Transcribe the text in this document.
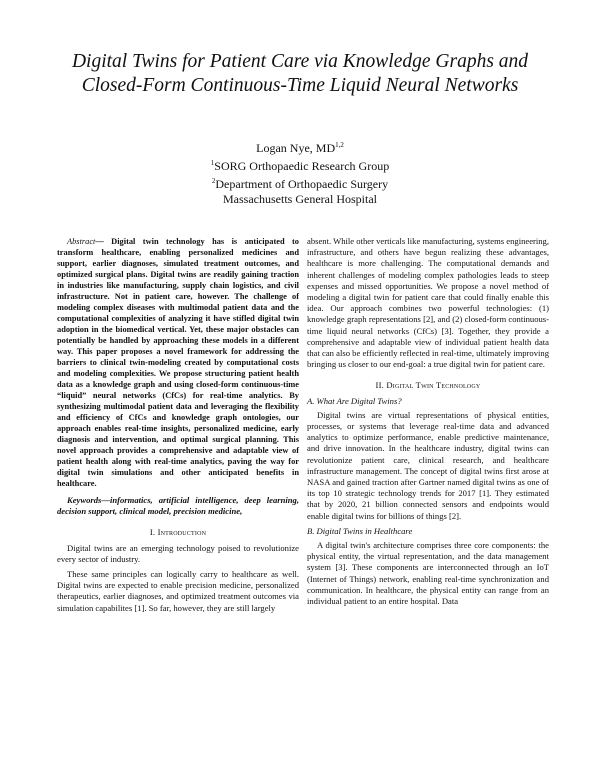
Digital Twins for Patient Care via Knowledge Graphs and
Closed-Form Continuous-Time Liquid Neural Networks
Logan Nye, MD$^{1,2}$
$^1$SORG Orthopaedic Research Group
$^2$Department of Orthopaedic Surgery
Massachusetts General Hospital

Abstract— Digital twin technology has is anticipated to transform healthcare, enabling personalized medicines and support, earlier diagnoses, simulated treatment outcomes, and optimized surgical plans. Digital twins are readily gaining traction in industries like manufacturing, supply chain logistics, and civil infrastructure. Not in patient care, however. The challenge of modeling complex diseases with multimodal patient data and the computational complexities of analyzing it have stifled digital twin adoption in the biomedical vertical. Yet, these major obstacles can potentially be handled by approaching these models in a different way. This paper proposes a novel framework for addressing the barriers to clinical twin-modeling created by computational costs and modeling complexities. We propose structuring patient health data as a knowledge graph and using closed-form continuous-time “liquid” neural networks (CfCs) for real-time analytics. By synthesizing multimodal patient data and leveraging the flexibility and efficiency of CfCs and knowledge graph ontologies, our approach enables real-time insights, personalized medicine, early diagnosis and intervention, and optimal surgical planning. This novel approach provides a comprehensive and adaptable view of patient health along with real-time analytics, paving the way for digital twin simulations and other anticipated benefits in healthcare.

Keywords—informatics, artificial intelligence, deep learning, decision support, clinical model, precision medicine,

I. Introduction

Digital twins are an emerging technology poised to revolutionize every sector of industry.

These same principles can logically carry to healthcare as well. Digital twins are expected to enable precision medicine, personalized therapeutics, earlier diagnoses, and optimized treatment outcomes via simulation capabilites [1]. So far, however, they are still largely

absent. While other verticals like manufacturing, systems engineering, infrastructure, and others have begun realizing these advantages, healthcare is more challenging. The computational demands and inherent challenges of modeling complex pathologies leads to steep expenses and missed opportunities. We propose a novel method of modeling a digital twin for patient care that could finally enable this idea. Our approach combines two powerful technologies: (1) knowledge graph representations [2], and (2) closed-form continuous-time liquid neural networks (CfCs) [3]. Together, they provide a comprehensive and adaptable view of individual patient health data that can also be efficiently reflected in real-time, ultimately improving bringing us closer to our end-goal: a true digital twin for patient care.

II. Digital Twin Technology
A. What Are Digital Twins?

Digital twins are virtual representations of physical entities, processes, or systems that leverage real-time data and advanced analytics to optimize performance, enable predictive maintenance, and drive innovation. In the healthcare industry, digital twins can revolutionize patient care, clinical research, and healthcare infrastructure management. The concept of digital twins first arose at NASA and gained traction after Gartner named digital twins as one of its top 10 strategic technology trends for 2017 [1]. They estimated that by 2020, 21 billion connected sensors and endpoints would enable digital twins for billions of things [2].

B. Digital Twins in Healthcare

A digital twin's architecture comprises three core components: the physical entity, the virtual representation, and the data management system [3]. These components are interconnected through an IoT (Internet of Things) network, enabling real-time synchronization and communication. In healthcare, the physical entity can range from an individual patient to an entire hospital. Data
